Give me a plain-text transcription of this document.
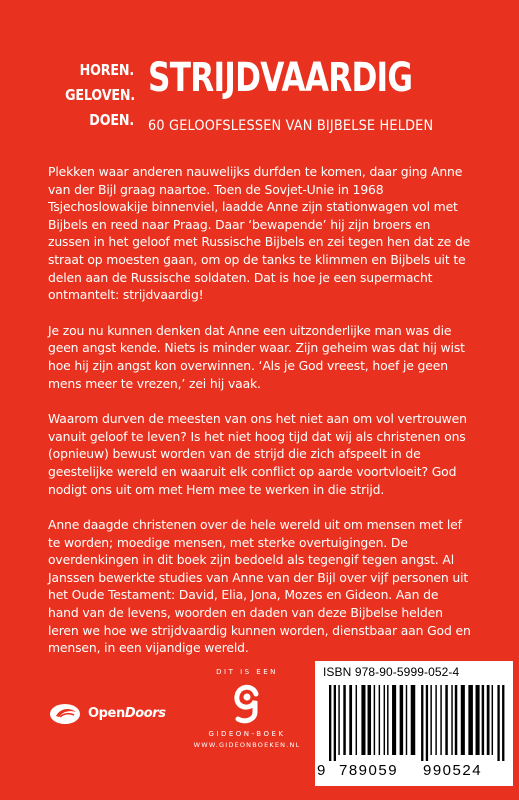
HOREN.
GELOVEN.
DOEN.
STRIJDVAARDIG
60 GELOOFSLESSEN VAN BIJBELSE HELDEN

Plekken waar anderen nauwelijks durfden te komen, daar ging Anne van der Bijl graag naartoe. Toen de Sovjet-Unie in 1968 Tsjechoslowakije binnenviel, laadde Anne zijn stationwagen vol met Bijbels en reed naar Praag. Daar ‘bewapende’ hij zijn broers en zussen in het geloof met Russische Bijbels en zei tegen hen dat ze de straat op moesten gaan, om op de tanks te klimmen en Bijbels uit te delen aan de Russische soldaten. Dat is hoe je een supermacht ontmantelt: strijdvaardig!

Je zou nu kunnen denken dat Anne een uitzonderlijke man was die geen angst kende. Niets is minder waar. Zijn geheim was dat hij wist hoe hij zijn angst kon overwinnen. ‘Als je God vreest, hoef je geen mens meer te vrezen,’ zei hij vaak.

Waarom durven de meesten van ons het niet aan om vol vertrouwen vanuit geloof te leven? Is het niet hoog tijd dat wij als christenen ons (opnieuw) bewust worden van de strijd die zich afspeelt in de geestelijke wereld en waaruit elk conflict op aarde voortvloeit? God nodigt ons uit om met Hem mee te werken in die strijd.

Anne daagde christenen over de hele wereld uit om mensen met lef te worden; moedige mensen, met sterke overtuigingen. De overdenkingen in dit boek zijn bedoeld als tegengif tegen angst. Al Janssen bewerkte studies van Anne van der Bijl over vijf personen uit het Oude Testament: David, Elia, Jona, Mozes en Gideon. Aan de hand van de levens, woorden en daden van deze Bijbelse helden leren we hoe we strijdvaardig kunnen worden, dienstbaar aan God en mensen, in een vijandige wereld.

OpenDoors
DIT IS EEN
GIDEON-BOEK
WWW.GIDEONBOEKEN.NL
ISBN 978-90-5999-052-4
9 789059 990524
